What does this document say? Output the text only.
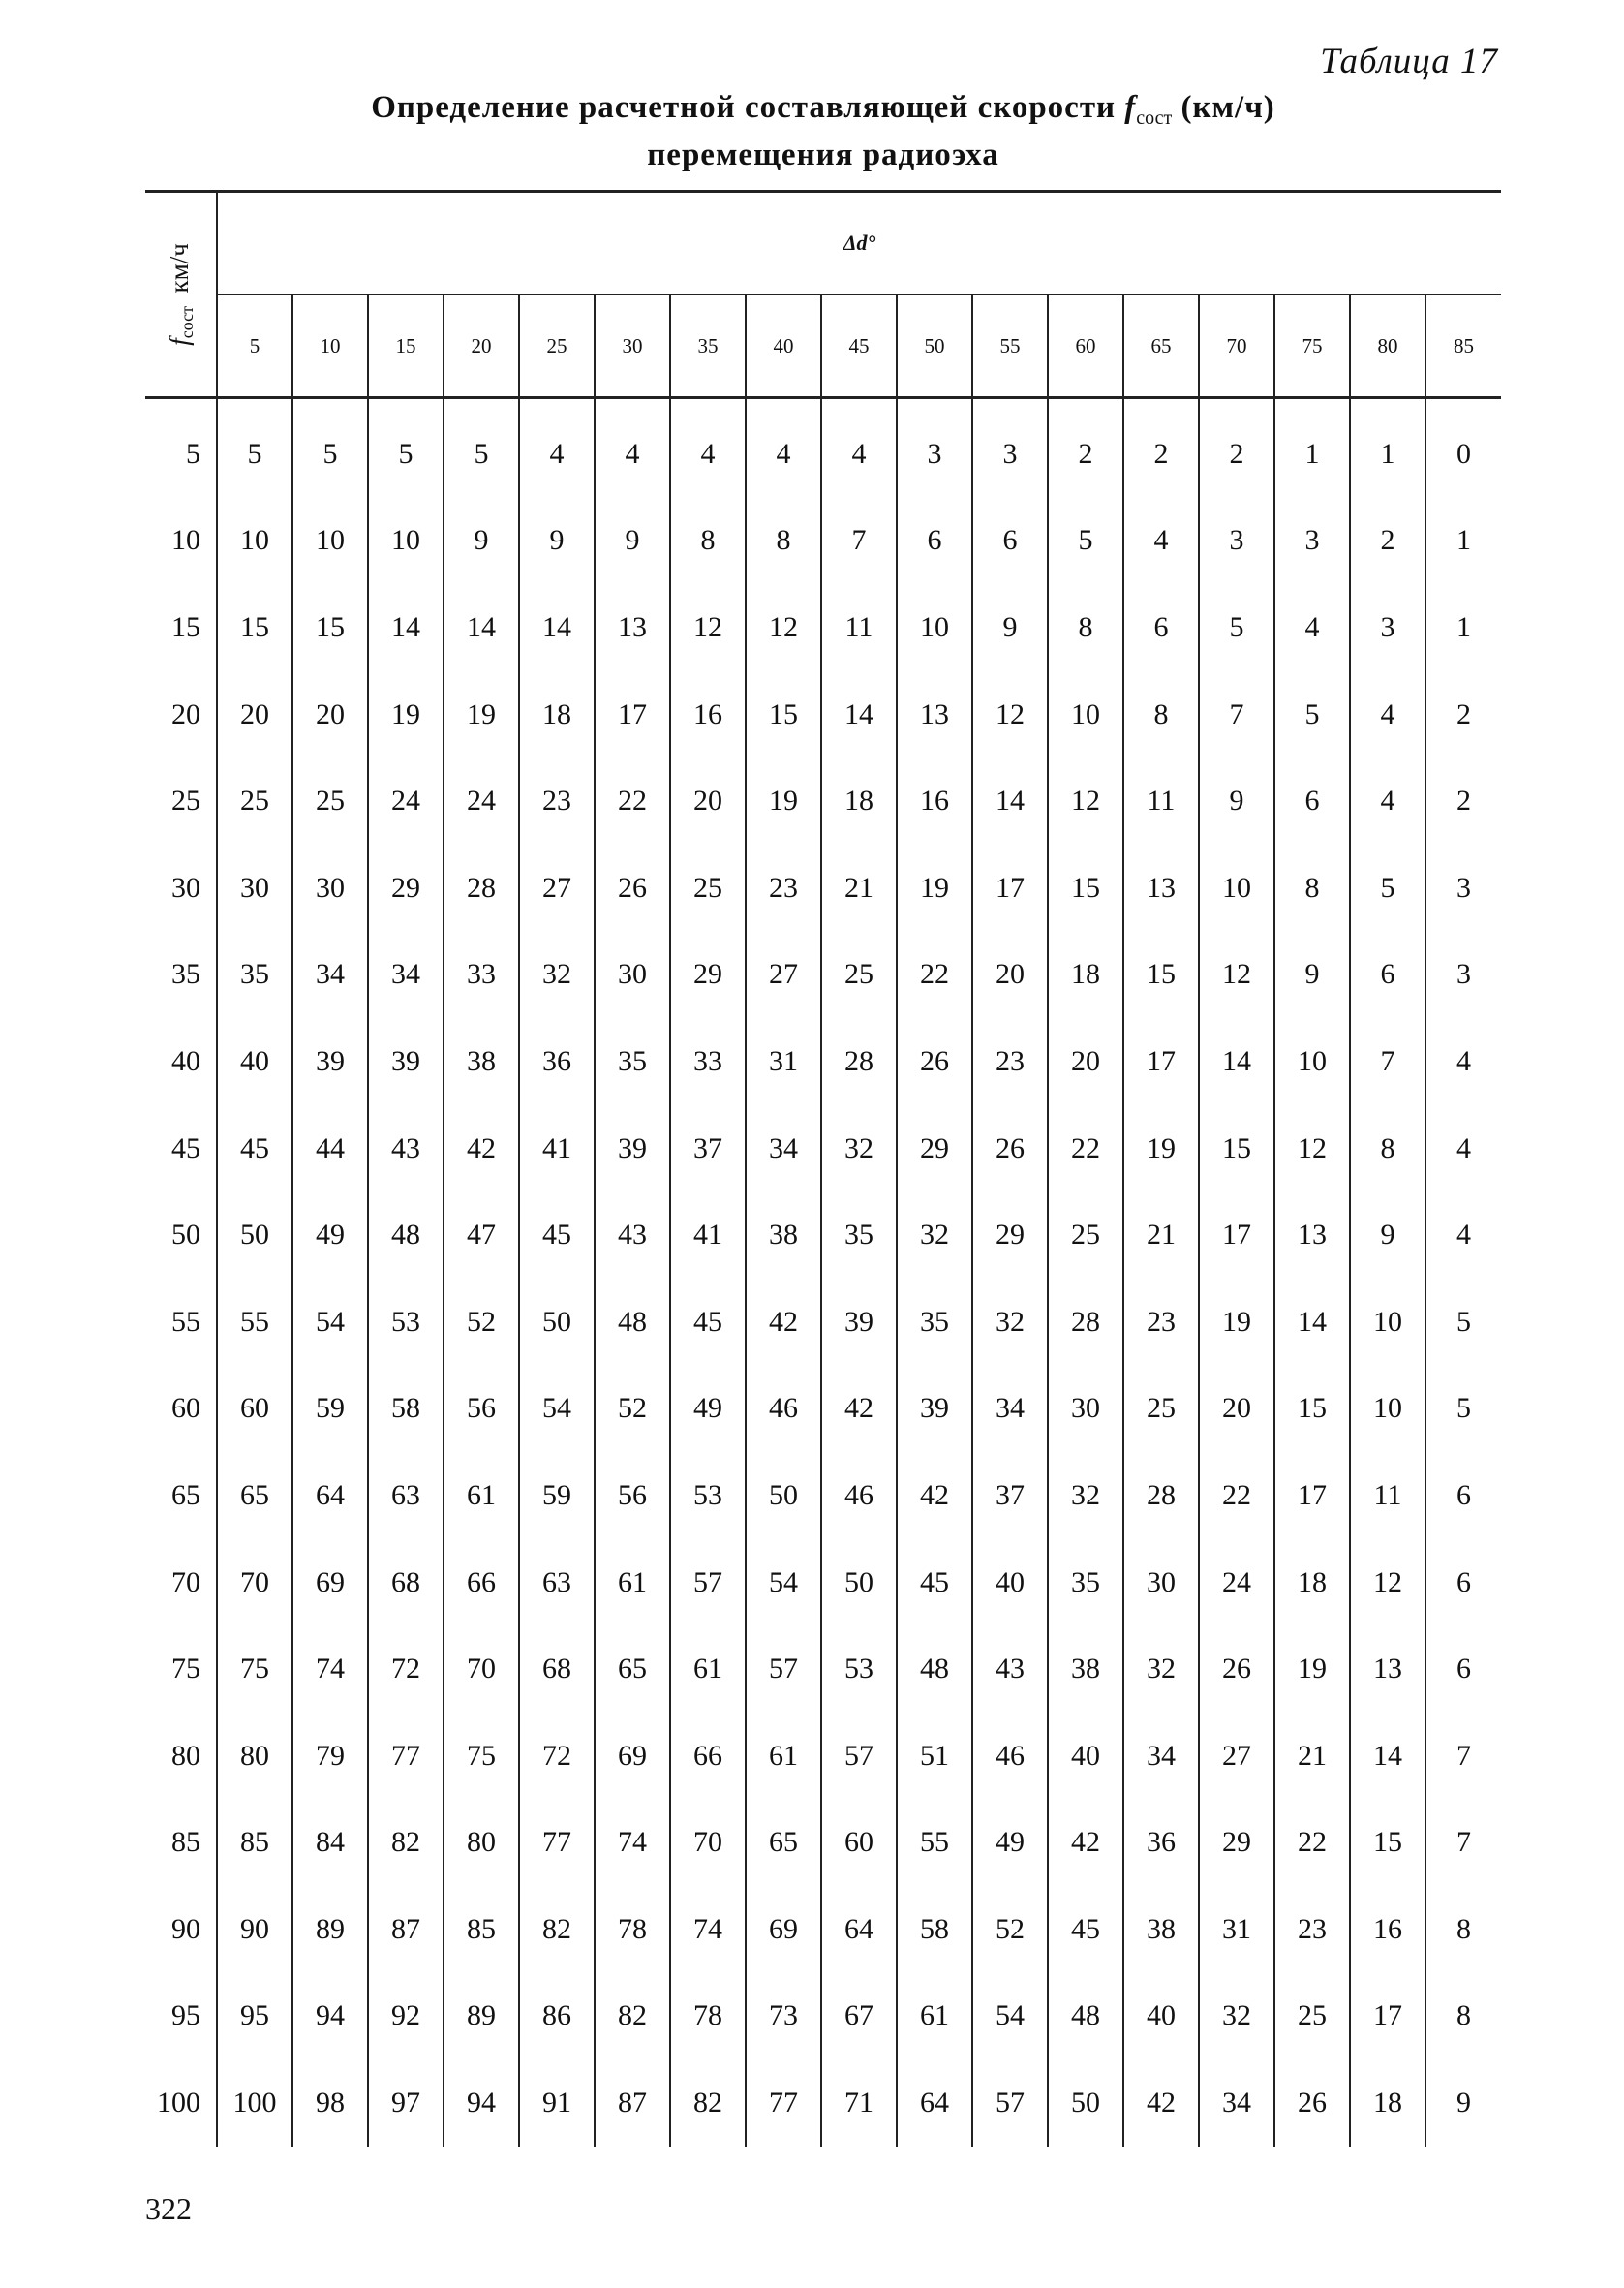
Таблица 17
Определение расчетной составляющей скорости $f_{сост}$ (км/ч)
перемещения радиоэха
$f_{сост}$  км/ч	Δd°																
	5	10	15	20	25	30	35	40	45	50	55	60	65	70	75	80	85
5	5	5	5	5	4	4	4	4	4	3	3	2	2	2	1	1	0
10	10	10	10	9	9	9	8	8	7	6	6	5	4	3	3	2	1
15	15	15	14	14	14	13	12	12	11	10	9	8	6	5	4	3	1
20	20	20	19	19	18	17	16	15	14	13	12	10	8	7	5	4	2
25	25	25	24	24	23	22	20	19	18	16	14	12	11	9	6	4	2
30	30	30	29	28	27	26	25	23	21	19	17	15	13	10	8	5	3
35	35	34	34	33	32	30	29	27	25	22	20	18	15	12	9	6	3
40	40	39	39	38	36	35	33	31	28	26	23	20	17	14	10	7	4
45	45	44	43	42	41	39	37	34	32	29	26	22	19	15	12	8	4
50	50	49	48	47	45	43	41	38	35	32	29	25	21	17	13	9	4
55	55	54	53	52	50	48	45	42	39	35	32	28	23	19	14	10	5
60	60	59	58	56	54	52	49	46	42	39	34	30	25	20	15	10	5
65	65	64	63	61	59	56	53	50	46	42	37	32	28	22	17	11	6
70	70	69	68	66	63	61	57	54	50	45	40	35	30	24	18	12	6
75	75	74	72	70	68	65	61	57	53	48	43	38	32	26	19	13	6
80	80	79	77	75	72	69	66	61	57	51	46	40	34	27	21	14	7
85	85	84	82	80	77	74	70	65	60	55	49	42	36	29	22	15	7
90	90	89	87	85	82	78	74	69	64	58	52	45	38	31	23	16	8
95	95	94	92	89	86	82	78	73	67	61	54	48	40	32	25	17	8
100	100	98	97	94	91	87	82	77	71	64	57	50	42	34	26	18	9
322
